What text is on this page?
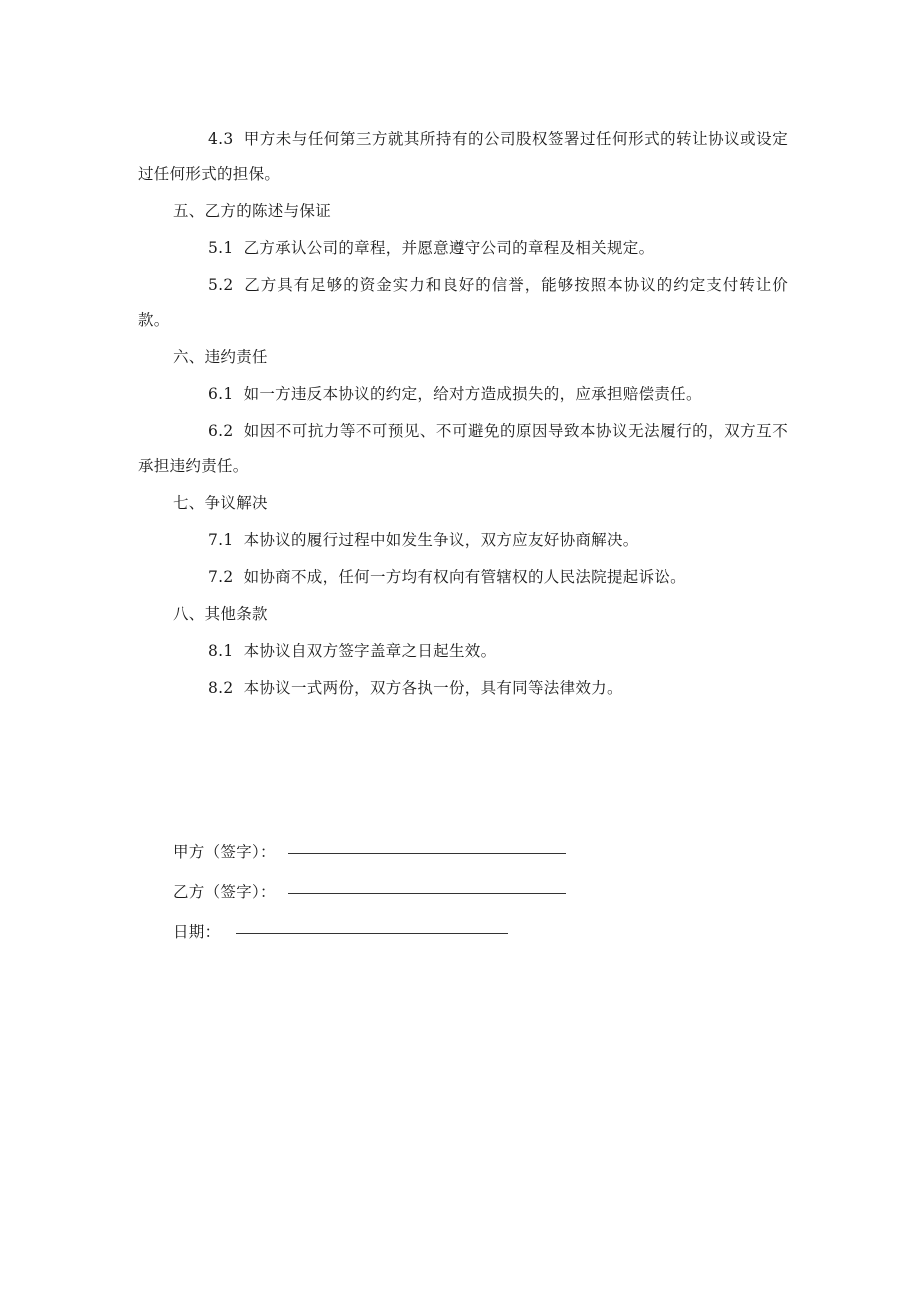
4.3 甲方未与任何第三方就其所持有的公司股权签署过任何形式的转让协议或设定过任何形式的担保。

五、乙方的陈述与保证

5.1 乙方承认公司的章程，并愿意遵守公司的章程及相关规定。

5.2 乙方具有足够的资金实力和良好的信誉，能够按照本协议的约定支付转让价款。

六、违约责任

6.1 如一方违反本协议的约定，给对方造成损失的，应承担赔偿责任。

6.2 如因不可抗力等不可预见、不可避免的原因导致本协议无法履行的，双方互不承担违约责任。

七、争议解决

7.1 本协议的履行过程中如发生争议，双方应友好协商解决。

7.2 如协商不成，任何一方均有权向有管辖权的人民法院提起诉讼。

八、其他条款

8.1 本协议自双方签字盖章之日起生效。

8.2 本协议一式两份，双方各执一份，具有同等法律效力。

甲方（签字）：
乙方（签字）：
日期：
